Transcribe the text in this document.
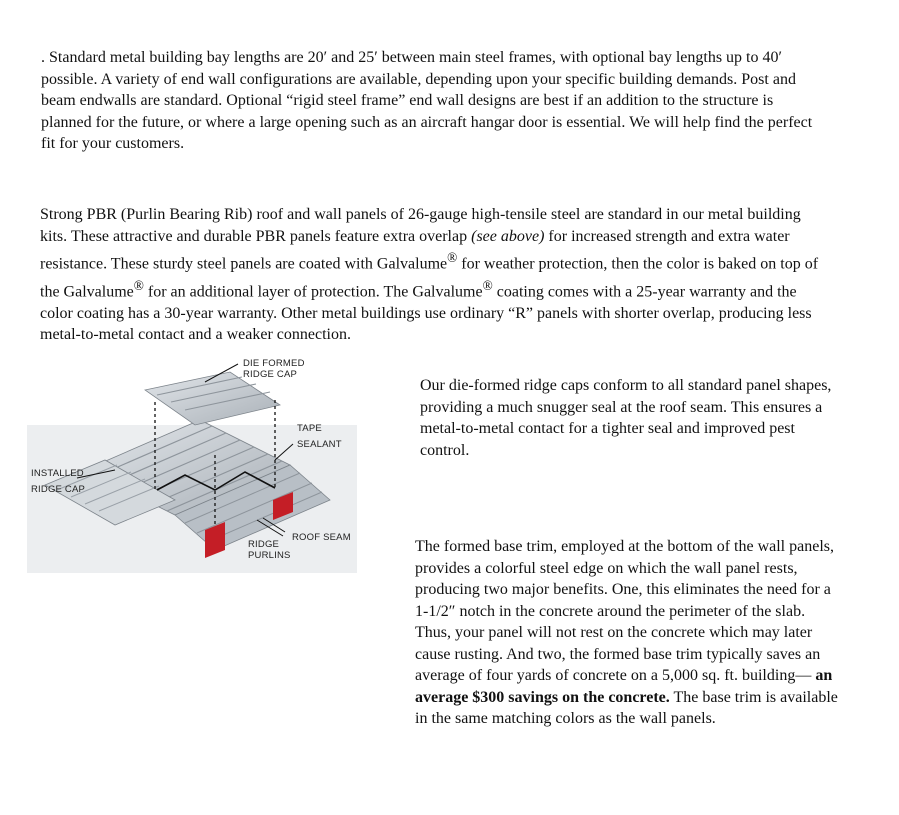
. Standard metal building bay lengths are 20′ and 25′ between main steel frames, with optional bay lengths up to 40′ possible. A variety of end wall configurations are available, depending upon your specific building demands. Post and beam endwalls are standard. Optional “rigid steel frame” end wall designs are best if an addition to the structure is planned for the future, or where a large opening such as an aircraft hangar door is essential. We will help find the perfect fit for your customers.

Strong PBR (Purlin Bearing Rib) roof and wall panels of 26-gauge high-tensile steel are standard in our metal building kits. These attractive and durable PBR panels feature extra overlap (see above) for increased strength and extra water resistance. These sturdy steel panels are coated with Galvalume® for weather protection, then the color is baked on top of the Galvalume® for an additional layer of protection. The Galvalume® coating comes with a 25-year warranty and the color coating has a 30-year warranty. Other metal buildings use ordinary “R” panels with shorter overlap, producing less metal-to-metal contact and a weaker connection.

DIE FORMED
RIDGE CAP
TAPE
SEALANT
INSTALLED
RIDGE CAP
ROOF SEAM
RIDGE
PURLINS

Our die-formed ridge caps conform to all standard panel shapes, providing a much snugger seal at the roof seam. This ensures a metal-to-metal contact for a tighter seal and improved pest control.

The formed base trim, employed at the bottom of the wall panels, provides a colorful steel edge on which the wall panel rests, producing two major benefits. One, this eliminates the need for a 1-1/2″ notch in the concrete around the perimeter of the slab. Thus, your panel will not rest on the concrete which may later cause rusting. And two, the formed base trim typically saves an average of four yards of concrete on a 5,000 sq. ft. building— an average $300 savings on the concrete. The base trim is available in the same matching colors as the wall panels.
